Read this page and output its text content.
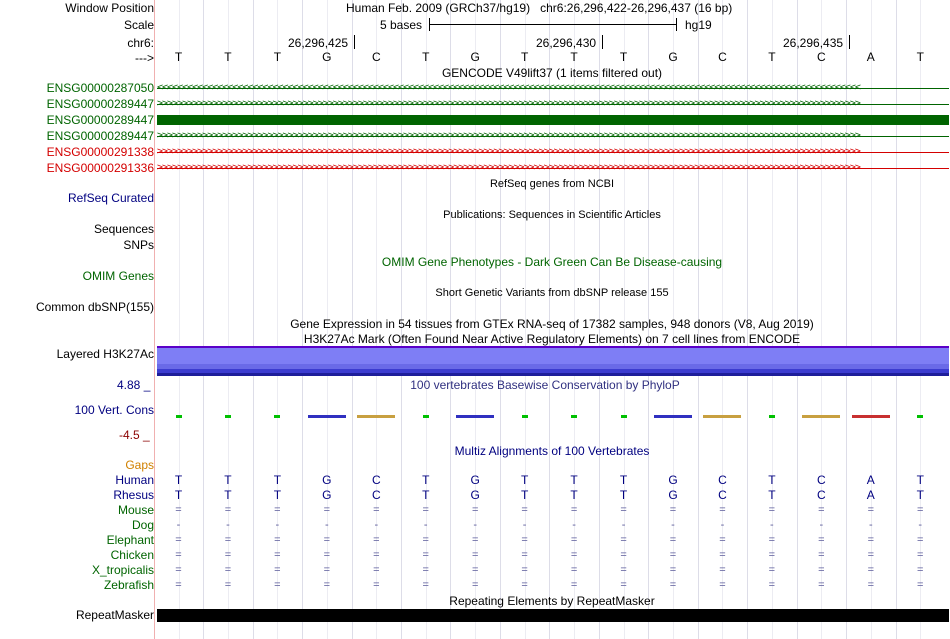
Window Position	Human Feb. 2009 (GRCh37/hg19)   chr6:26,296,422-26,296,437 (16 bp)
Scale	5 bases	hg19
chr6:	26,296,425	26,296,430	26,296,435
---> T	T	T	G	C	T	G	T	T	T	G	C	T	C	A	T
GENCODE V49lift37 (1 items filtered out)
ENSG00000287050 <<<<<<<<<<<<<<<<<<<<<<<<<<<<<<<<<<<<<<<<<<<<<<<<<<<<<<<<<<<<<<<<<<<<<<<<<<<<<<<<<<<<<<<<<<<<<<<<<<<<<<<<<<<<<<<<<<<<<<<<<<<<<<<<<<<<<<<<<<<<
ENSG00000289447 >>>>>>>>>>>>>>>>>>>>>>>>>>>>>>>>>>>>>>>>>>>>>>>>>>>>>>>>>>>>>>>>>>>>>>>>>>>>>>>>>>>>>>>>>>>>>>>>>>>>>>>>>>>>>>>>>>>>>>>>>>>>>>>>>>>>>>>>>>>>
ENSG00000289447
ENSG00000289447 >>>>>>>>>>>>>>>>>>>>>>>>>>>>>>>>>>>>>>>>>>>>>>>>>>>>>>>>>>>>>>>>>>>>>>>>>>>>>>>>>>>>>>>>>>>>>>>>>>>>>>>>>>>>>>>>>>>>>>>>>>>>>>>>>>>>>>>>>>>>
ENSG00000291338 >>>>>>>>>>>>>>>>>>>>>>>>>>>>>>>>>>>>>>>>>>>>>>>>>>>>>>>>>>>>>>>>>>>>>>>>>>>>>>>>>>>>>>>>>>>>>>>>>>>>>>>>>>>>>>>>>>>>>>>>>>>>>>>>>>>>>>>>>>>>
ENSG00000291336 >>>>>>>>>>>>>>>>>>>>>>>>>>>>>>>>>>>>>>>>>>>>>>>>>>>>>>>>>>>>>>>>>>>>>>>>>>>>>>>>>>>>>>>>>>>>>>>>>>>>>>>>>>>>>>>>>>>>>>>>>>>>>>>>>>>>>>>>>>>>
RefSeq genes from NCBI
RefSeq Curated
Publications: Sequences in Scientific Articles
Sequences
SNPs
OMIM Gene Phenotypes - Dark Green Can Be Disease-causing
OMIM Genes
Short Genetic Variants from dbSNP release 155
Common dbSNP(155)
Gene Expression in 54 tissues from GTEx RNA-seq of 17382 samples, 948 donors (V8, Aug 2019)
H3K27Ac Mark (Often Found Near Active Regulatory Elements) on 7 cell lines from ENCODE
Layered H3K27Ac
4.88 _	100 vertebrates Basewise Conservation by PhyloP
100 Vert. Cons
-4.5 _
Multiz Alignments of 100 Vertebrates
Gaps
Human T	T	T	G	C	T	G	T	T	T	G	C	T	C	A	T
Rhesus T	T	T	G	C	T	G	T	T	T	G	C	T	C	A	T
Mouse =	=	=	=	=	=	=	=	=	=	=	=	=	=	=	=
Dog -	-	-	-	-	-	-	-	-	-	-	-	-	-	-	-
Elephant =	=	=	=	=	=	=	=	=	=	=	=	=	=	=	=
Chicken =	=	=	=	=	=	=	=	=	=	=	=	=	=	=	=
X_tropicalis =	=	=	=	=	=	=	=	=	=	=	=	=	=	=	=
Zebrafish =	=	=	=	=	=	=	=	=	=	=	=	=	=	=	=
Repeating Elements by RepeatMasker
RepeatMasker
